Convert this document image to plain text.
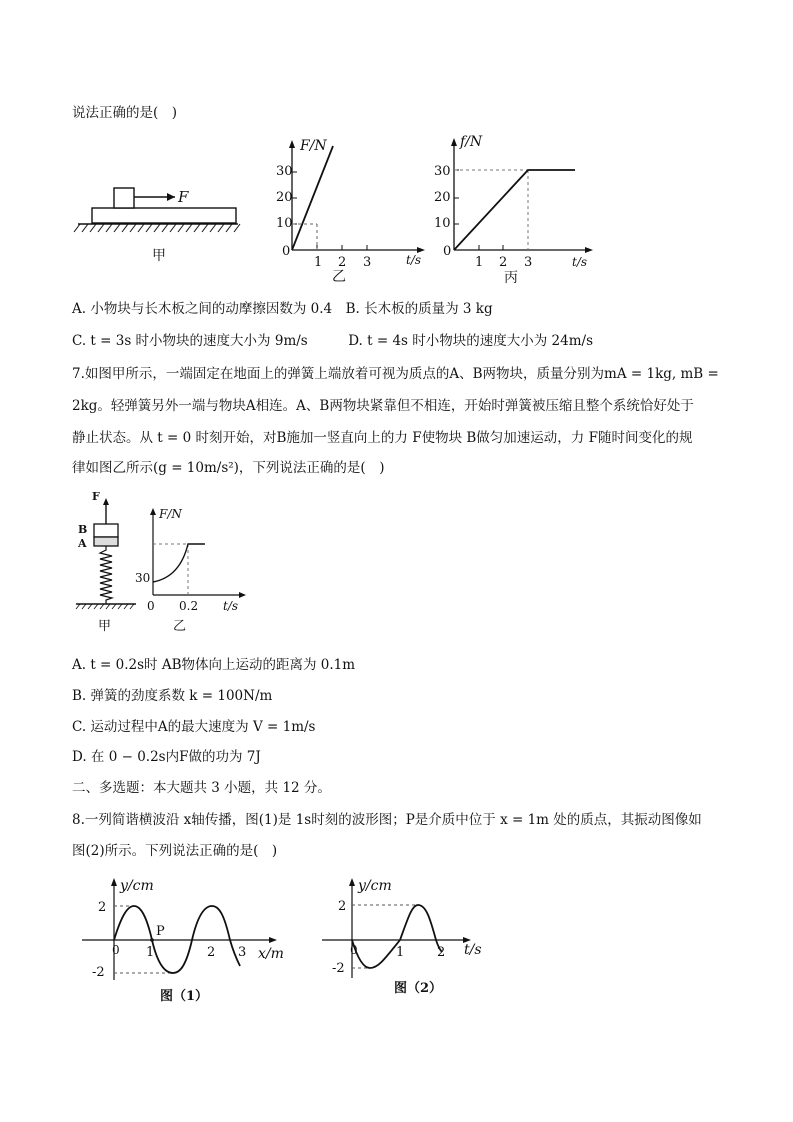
说法正确的是(　)
F
甲
F/N
30
20
10
0
1 2 3	t/s
乙
f/N
30
20
10
0
1 2 3	t/s
丙
A. 小物块与长木板之间的动摩擦因数为 0.4　B. 长木板的质量为 3 kg
C. t = 3s 时小物块的速度大小为 9m/s　　　D. t = 4s 时小物块的速度大小为 24m/s
7.如图甲所示，一端固定在地面上的弹簧上端放着可视为质点的A、B两物块，质量分别为mA = 1kg, mB =
2kg。轻弹簧另外一端与物块A相连。A、B两物块紧靠但不相连，开始时弹簧被压缩且整个系统恰好处于
静止状态。从 t = 0 时刻开始，对B施加一竖直向上的力 F使物块 B做匀加速运动，力 F随时间变化的规
律如图乙所示(g = 10m/s²)，下列说法正确的是(　)
F
B
A
甲
F/N
30
0 0.2 t/s
乙
A. t = 0.2s时 AB物体向上运动的距离为 0.1m
B. 弹簧的劲度系数 k = 100N/m
C. 运动过程中A的最大速度为 V = 1m/s
D. 在 0 − 0.2s内F做的功为 7J
二、多选题：本大题共 3 小题，共 12 分。
8.一列简谐横波沿 x轴传播，图(1)是 1s时刻的波形图；P是介质中位于 x = 1m 处的质点，其振动图像如
图(2)所示。下列说法正确的是(　)
y/cm
2
-2
P
0 1	2 3 x/m
图（1）
y/cm
2
-2
0	1	2 t/s
图（2）
